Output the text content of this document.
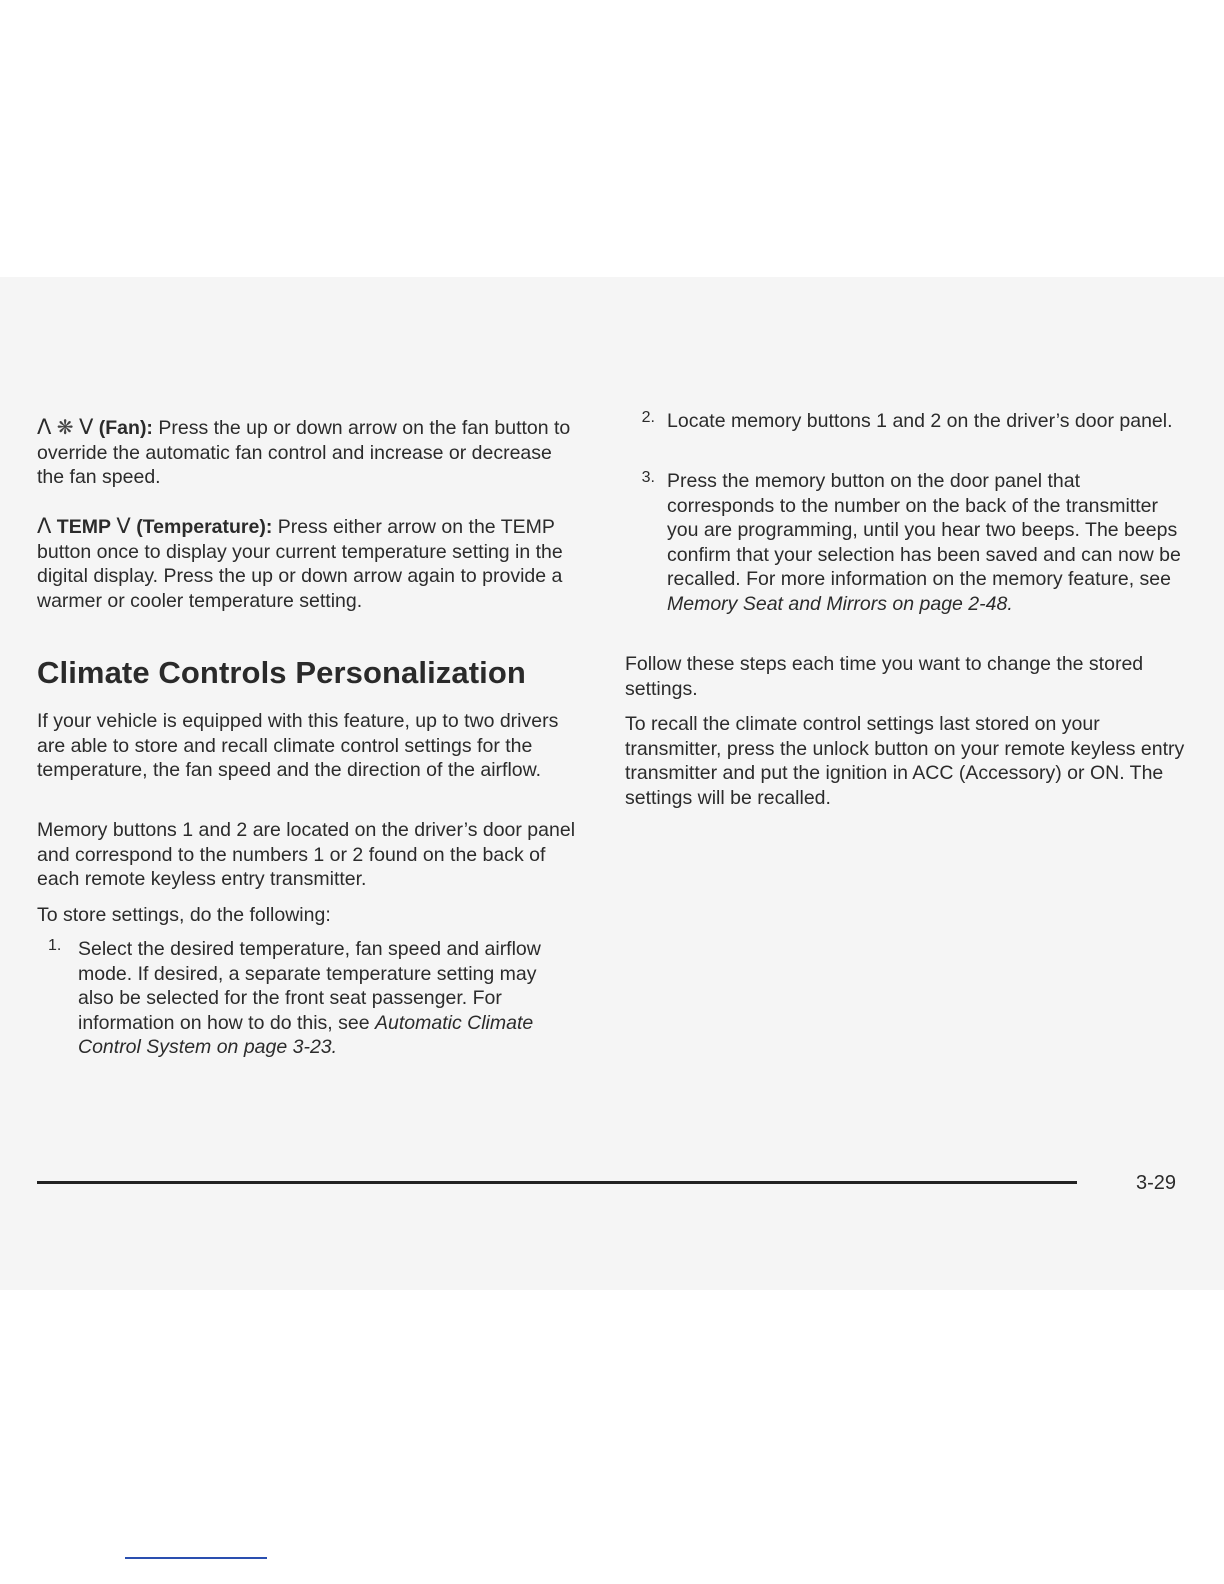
Λ ❋ V (Fan): Press the up or down arrow on the fan button to override the automatic fan control and increase or decrease the fan speed.

Λ TEMP V (Temperature): Press either arrow on the TEMP button once to display your current temperature setting in the digital display. Press the up or down arrow again to provide a warmer or cooler temperature setting.

Climate Controls Personalization

If your vehicle is equipped with this feature, up to two drivers are able to store and recall climate control settings for the temperature, the fan speed and the direction of the airflow.

Memory buttons 1 and 2 are located on the driver’s door panel and correspond to the numbers 1 or 2 found on the back of each remote keyless entry transmitter.

To store settings, do the following:

1. Select the desired temperature, fan speed and airflow mode. If desired, a separate temperature setting may also be selected for the front seat passenger. For information on how to do this, see Automatic Climate Control System on page 3-23.

2. Locate memory buttons 1 and 2 on the driver’s door panel.

3. Press the memory button on the door panel that corresponds to the number on the back of the transmitter you are programming, until you hear two beeps. The beeps confirm that your selection has been saved and can now be recalled. For more information on the memory feature, see Memory Seat and Mirrors on page 2-48.

Follow these steps each time you want to change the stored settings.

To recall the climate control settings last stored on your transmitter, press the unlock button on your remote keyless entry transmitter and put the ignition in ACC (Accessory) or ON. The settings will be recalled.

3-29
